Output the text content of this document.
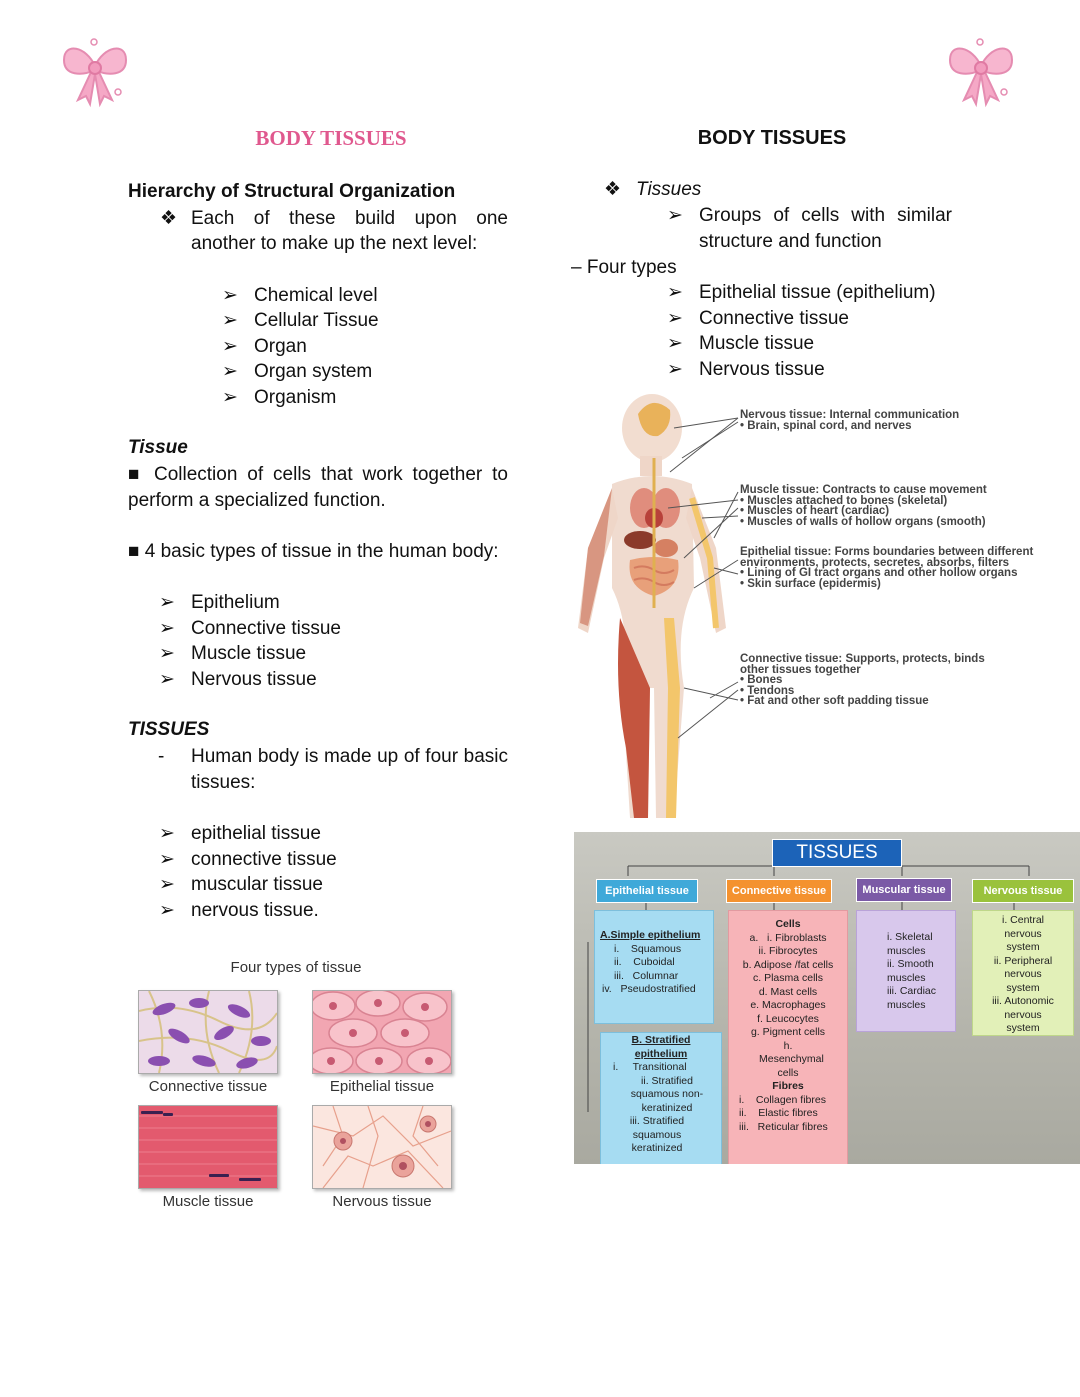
BODY TISSUES
Hierarchy of Structural Organization
❖ Each of these build upon one
another to make up the next level:
➢ Chemical level
➢ Cellular Tissue
➢ Organ
➢ Organ system
➢ Organism
Tissue
■ Collection of cells that work together to perform a specialized function.
■ 4 basic types of tissue in the human body:
➢ Epithelium
➢ Connective tissue
➢ Muscle tissue
➢ Nervous tissue
TISSUES
- Human body is made up of four basic tissues:
➢ epithelial tissue
➢ connective tissue
➢ muscular tissue
➢ nervous tissue.
Four types of tissue
Connective tissue	Epithelial tissue
Muscle tissue	Nervous tissue
BODY TISSUES
❖ Tissues
➢ Groups of cells with similar
structure and function
– Four types
➢ Epithelial tissue (epithelium)
➢ Connective tissue
➢ Muscle tissue
➢ Nervous tissue
Nervous tissue: Internal communication
• Brain, spinal cord, and nerves
Muscle tissue: Contracts to cause movement
• Muscles attached to bones (skeletal)
• Muscles of heart (cardiac)
• Muscles of walls of hollow organs (smooth)
Epithelial tissue: Forms boundaries between different
environments, protects, secretes, absorbs, filters
• Lining of GI tract organs and other hollow organs
• Skin surface (epidermis)
Connective tissue: Supports, protects, binds
other tissues together
• Bones
• Tendons
• Fat and other soft padding tissue
TISSUES
Epithelial tissue	Connective tissue	Muscular tissue	Nervous tissue
A.Simple epithelium
i.    Squamous
ii.    Cuboidal
iii.   Columnar
iv.   Pseudostratified
B. Stratified epithelium
i.     Transitional
ii. Stratified squamous non-keratinized
iii. Stratified squamous keratinized
Cells
a.   i. Fibroblasts
ii. Fibrocytes
b. Adipose /fat cells
c. Plasma cells
d. Mast cells
e. Macrophages
f. Leucocytes
g. Pigment cells
h. Mesenchymal cells
Fibres
i.    Collagen fibres
ii.    Elastic fibres
iii.   Reticular fibres
i. Skeletal muscles
ii. Smooth muscles
iii. Cardiac muscles
i. Central nervous system
ii. Peripheral nervous system
iii. Autonomic nervous system
